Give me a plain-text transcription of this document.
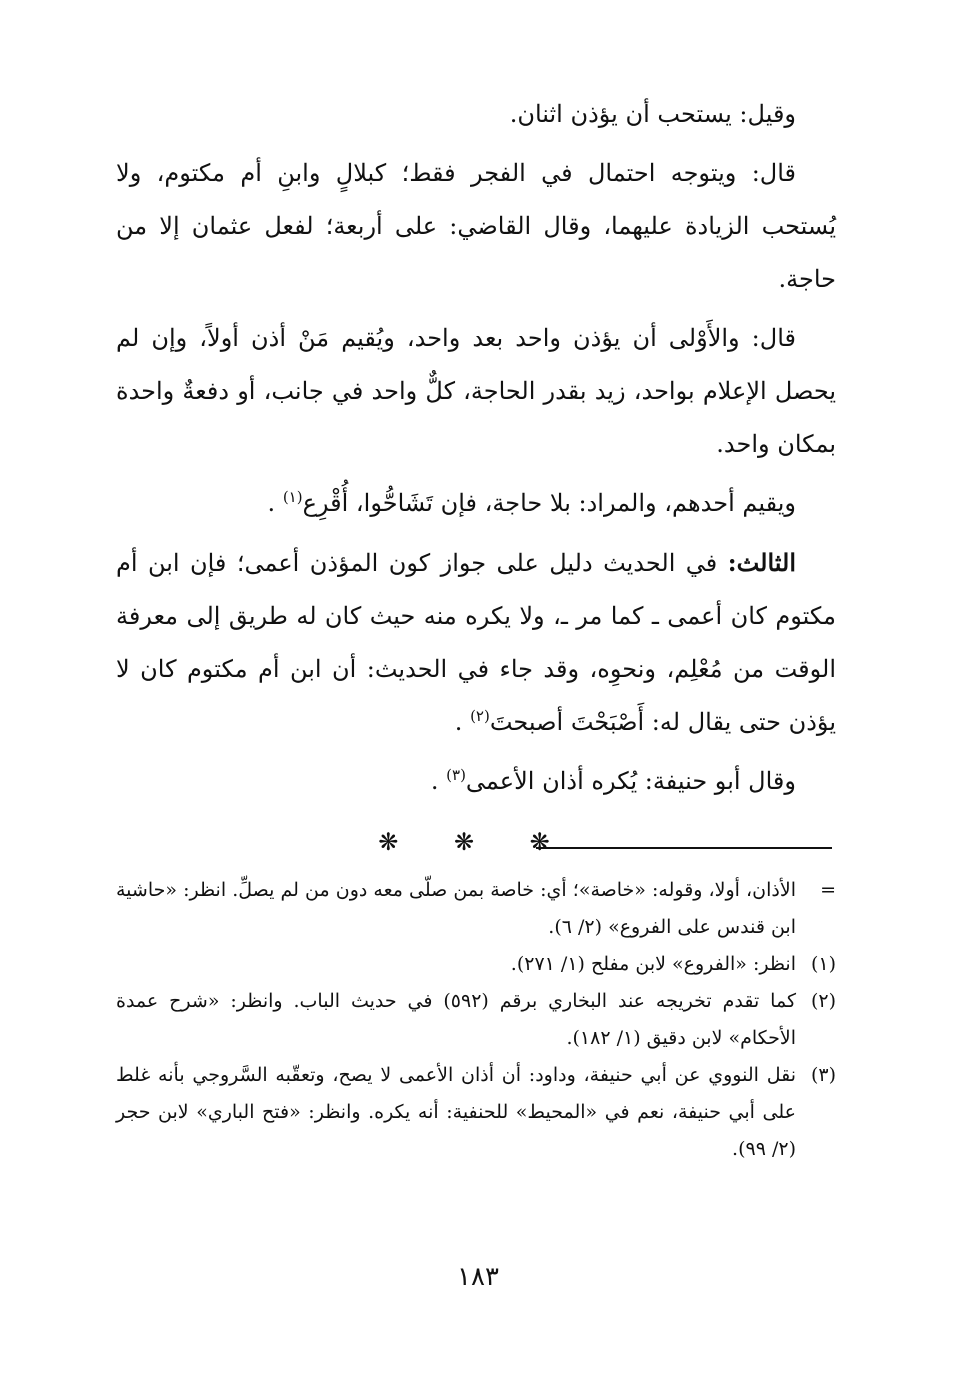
وقيل: يستحب أن يؤذن اثنان.

قال: ويتوجه احتمال في الفجر فقط؛ كبلالٍ وابنِ أم مكتوم، ولا يُستحب الزيادة عليهما، وقال القاضي: على أربعة؛ لفعل عثمان إلا من حاجة.

قال: والأَوْلى أن يؤذن واحد بعد واحد، ويُقيم مَنْ أذن أولاً، وإن لم يحصل الإعلام بواحد، زيد بقدر الحاجة، كلٌّ واحد في جانب، أو دفعةٌ واحدة بمكان واحد.

ويقيم أحدهم، والمراد: بلا حاجة، فإن تَشَاحُّوا، أُقْرِع$^{(١)}$ .

الثالث: في الحديث دليل على جواز كون المؤذن أعمى؛ فإن ابن أم مكتوم كان أعمى ـ كما مر ـ، ولا يكره منه حيث كان له طريق إلى معرفة الوقت من مُعْلِم، ونحوِه، وقد جاء في الحديث: أن ابن أم مكتوم كان لا يؤذن حتى يقال له: أَصْبَحْتَ أصبحتَ$^{(٢)}$ .

وقال أبو حنيفة: يُكره أذان الأعمى$^{(٣)}$ .

❋ ❋ ❋
=
الأذان، أولا، وقوله: «خاصة»؛ أي: خاصة بمن صلّى معه دون من لم يصلِّ. انظر: «حاشية ابن قندس على الفروع» (٢/ ٦).
(١)
انظر: «الفروع» لابن مفلح (١/ ٢٧١).
(٢)
كما تقدم تخريجه عند البخاري برقم (٥٩٢) في حديث الباب. وانظر: «شرح عمدة الأحكام» لابن دقيق (١/ ١٨٢).
(٣)
نقل النووي عن أبي حنيفة، وداود: أن أذان الأعمى لا يصح، وتعقّبه السَّروجي بأنه غلط على أبي حنيفة، نعم في «المحيط» للحنفية: أنه يكره. وانظر: «فتح الباري» لابن حجر (٢/ ٩٩).
١٨٣
